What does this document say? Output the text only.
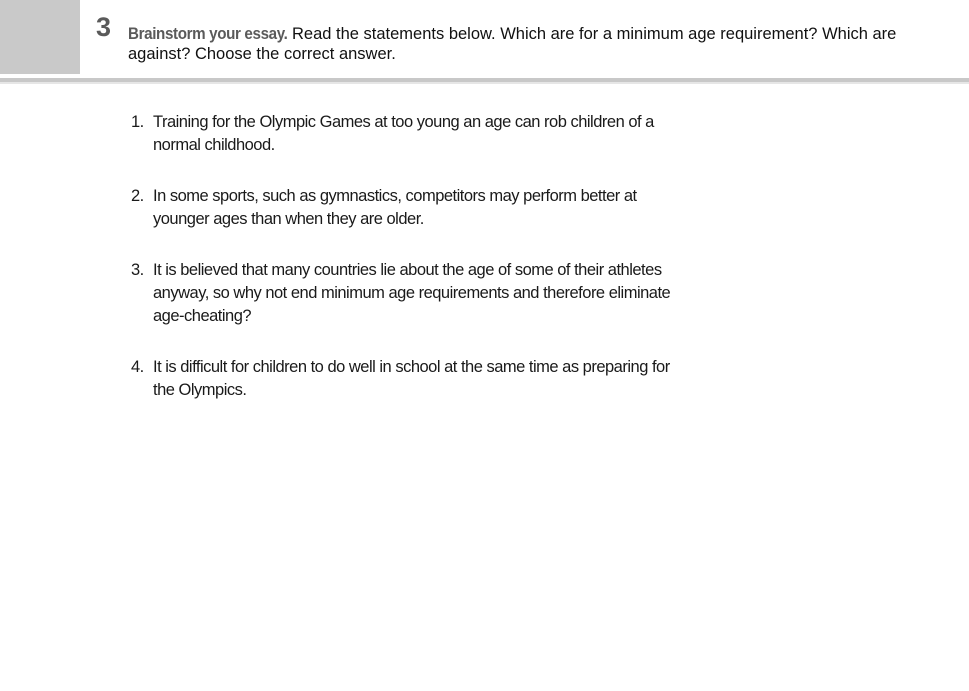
3 Brainstorm your essay. Read the statements below. Which are for a minimum age requirement? Which are against? Choose the correct answer.
1. Training for the Olympic Games at too young an age can rob children of a normal childhood.
2. In some sports, such as gymnastics, competitors may perform better at younger ages than when they are older.
3. It is believed that many countries lie about the age of some of their athletes anyway, so why not end minimum age requirements and therefore eliminate age-cheating?
4. It is difficult for children to do well in school at the same time as preparing for the Olympics.
